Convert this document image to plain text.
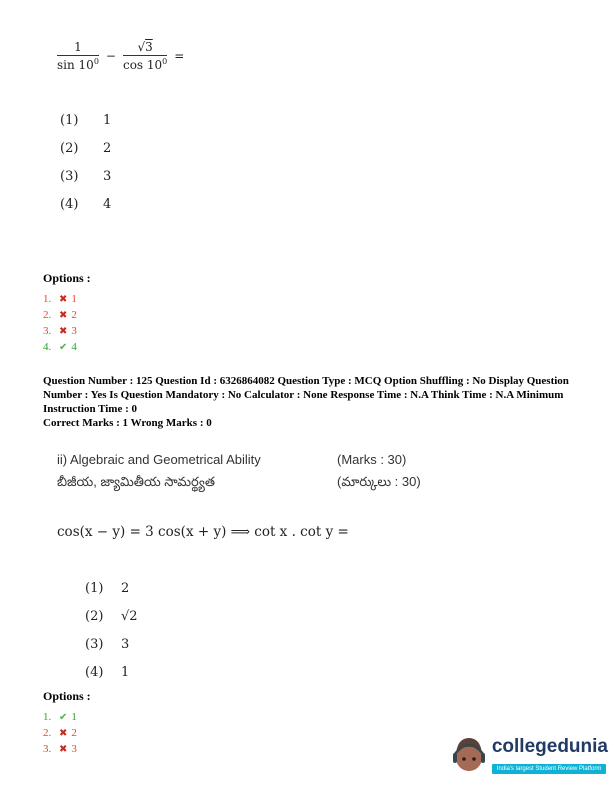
$\frac{1}{\sin 10^0} - \frac{√3}{\cos 10^0}$ =
(1)	1
(2)	2
(3)	3
(4)	4
Options :
1. ✖ 1
2. ✖ 2
3. ✖ 3
4. ✔ 4

Question Number : 125 Question Id : 6326864082 Question Type : MCQ Option Shuffling : No Display Question Number : Yes Is Question Mandatory : No Calculator : None Response Time : N.A Think Time : N.A Minimum Instruction Time : 0

Correct Marks : 1 Wrong Marks : 0

ii) Algebraic and Geometrical Ability	(Marks : 30)
బీజీయ, జ్యామితీయ సామర్థ్యత	(మార్కులు : 30)
cos(x − y) = 3 cos(x + y) ⟹ cot x . cot y =
(1)	2
(2)	√2
(3)	3
(4)	1
Options :
1. ✔ 1
2. ✖ 2
3. ✖ 3	collegedunia
India's largest Student Review Platform
